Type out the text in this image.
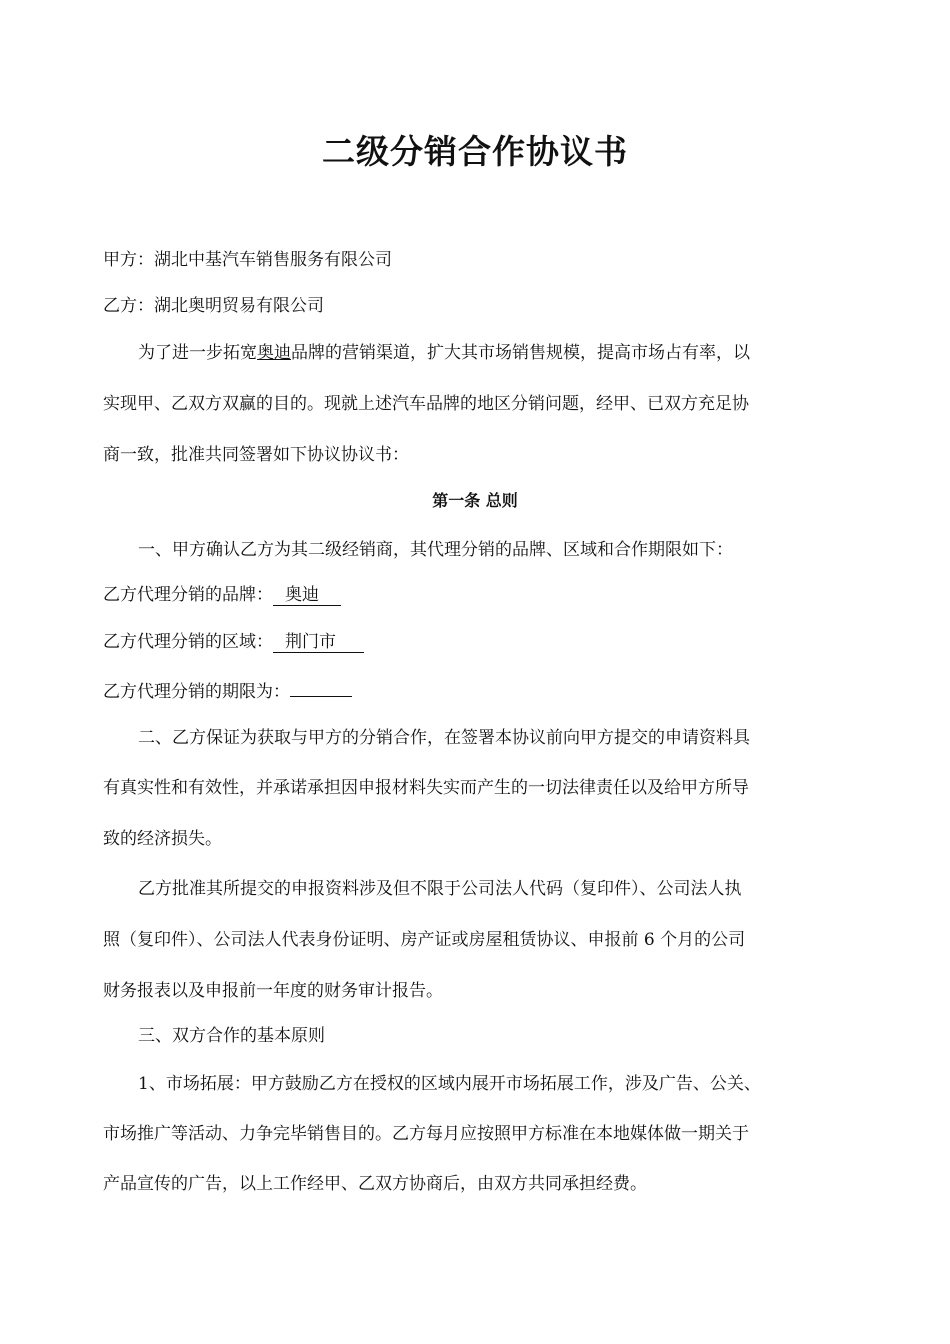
二级分销合作协议书
甲方：湖北中基汽车销售服务有限公司
乙方：湖北奥明贸易有限公司
为了进一步拓宽奥迪品牌的营销渠道，扩大其市场销售规模，提高市场占有率，以
实现甲、乙双方双赢的目的。现就上述汽车品牌的地区分销问题，经甲、已双方充足协
商一致，批准共同签署如下协议协议书：
第一条 总则
一、甲方确认乙方为其二级经销商，其代理分销的品牌、区域和合作期限如下：
乙方代理分销的品牌： 奥迪
乙方代理分销的区域： 荆门市
乙方代理分销的期限为：
二、乙方保证为获取与甲方的分销合作，在签署本协议前向甲方提交的申请资料具
有真实性和有效性，并承诺承担因申报材料失实而产生的一切法律责任以及给甲方所导
致的经济损失。
乙方批准其所提交的申报资料涉及但不限于公司法人代码（复印件）、公司法人执
照（复印件）、公司法人代表身份证明、房产证或房屋租赁协议、申报前 6 个月的公司
财务报表以及申报前一年度的财务审计报告。
三、双方合作的基本原则
1、市场拓展：甲方鼓励乙方在授权的区域内展开市场拓展工作，涉及广告、公关、
市场推广等活动、力争完毕销售目的。乙方每月应按照甲方标准在本地媒体做一期关于
产品宣传的广告，以上工作经甲、乙双方协商后，由双方共同承担经费。
